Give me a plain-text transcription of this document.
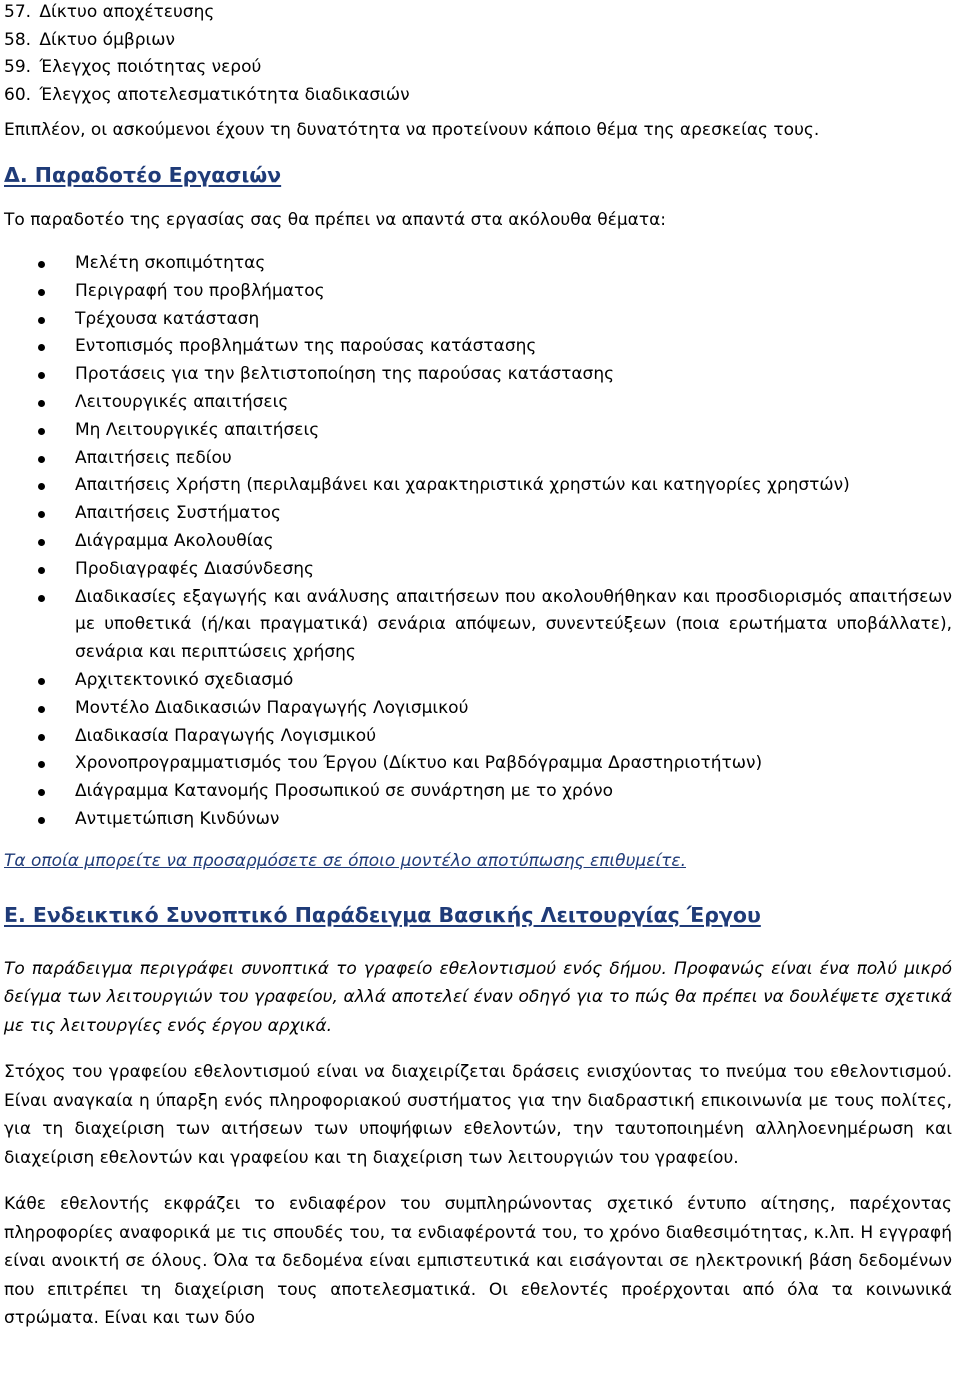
57. Δίκτυο αποχέτευσης
58. Δίκτυο όμβριων
59. Έλεγχος ποιότητας νερού
60. Έλεγχος αποτελεσματικότητα διαδικασιών

Επιπλέον, οι ασκούμενοι έχουν τη δυνατότητα να προτείνουν κάποιο θέμα της αρεσκείας τους.

Δ. Παραδοτέο Εργασιών

Το παραδοτέο της εργασίας σας θα πρέπει να απαντά στα ακόλουθα θέματα:

Μελέτη σκοπιμότητας
Περιγραφή του προβλήματος
Τρέχουσα κατάσταση
Εντοπισμός προβλημάτων της παρούσας κατάστασης
Προτάσεις για την βελτιστοποίηση της παρούσας κατάστασης
Λειτουργικές απαιτήσεις
Μη Λειτουργικές απαιτήσεις
Απαιτήσεις πεδίου
Απαιτήσεις Χρήστη (περιλαμβάνει και χαρακτηριστικά χρηστών και κατηγορίες χρηστών)
Απαιτήσεις Συστήματος
Διάγραμμα Ακολουθίας
Προδιαγραφές Διασύνδεσης
Διαδικασίες εξαγωγής και ανάλυσης απαιτήσεων που ακολουθήθηκαν και προσδιορισμός απαιτήσεων με υποθετικά (ή/και πραγματικά) σενάρια απόψεων, συνεντεύξεων (ποια ερωτήματα υποβάλλατε), σενάρια και περιπτώσεις χρήσης
Αρχιτεκτονικό σχεδιασμό
Μοντέλο Διαδικασιών Παραγωγής Λογισμικού
Διαδικασία Παραγωγής Λογισμικού
Χρονοπρογραμματισμός του Έργου (Δίκτυο και Ραβδόγραμμα Δραστηριοτήτων)
Διάγραμμα Κατανομής Προσωπικού σε συνάρτηση με το χρόνο
Αντιμετώπιση Κινδύνων

Τα οποία μπορείτε να προσαρμόσετε σε όποιο μοντέλο αποτύπωσης επιθυμείτε.

Ε. Ενδεικτικό Συνοπτικό Παράδειγμα Βασικής Λειτουργίας Έργου

Το παράδειγμα περιγράφει συνοπτικά το γραφείο εθελοντισμού ενός δήμου. Προφανώς είναι ένα πολύ μικρό δείγμα των λειτουργιών του γραφείου, αλλά αποτελεί έναν οδηγό για το πώς θα πρέπει να δουλέψετε σχετικά με τις λειτουργίες ενός έργου αρχικά.

Στόχος του γραφείου εθελοντισμού είναι να διαχειρίζεται δράσεις ενισχύοντας το πνεύμα του εθελοντισμού. Είναι αναγκαία η ύπαρξη ενός πληροφοριακού συστήματος για την διαδραστική επικοινωνία με τους πολίτες, για τη διαχείριση των αιτήσεων των υποψήφιων εθελοντών, την ταυτοποιημένη αλληλοενημέρωση και διαχείριση εθελοντών και γραφείου και τη διαχείριση των λειτουργιών του γραφείου.

Κάθε εθελοντής εκφράζει το ενδιαφέρον του συμπληρώνοντας σχετικό έντυπο αίτησης, παρέχοντας πληροφορίες αναφορικά με τις σπουδές του, τα ενδιαφέροντά του, το χρόνο διαθεσιμότητας, κ.λπ. Η εγγραφή είναι ανοικτή σε όλους. Όλα τα δεδομένα είναι εμπιστευτικά και εισάγονται σε ηλεκτρονική βάση δεδομένων που επιτρέπει τη διαχείριση τους αποτελεσματικά. Οι εθελοντές προέρχονται από όλα τα κοινωνικά στρώματα. Είναι και των δύο
